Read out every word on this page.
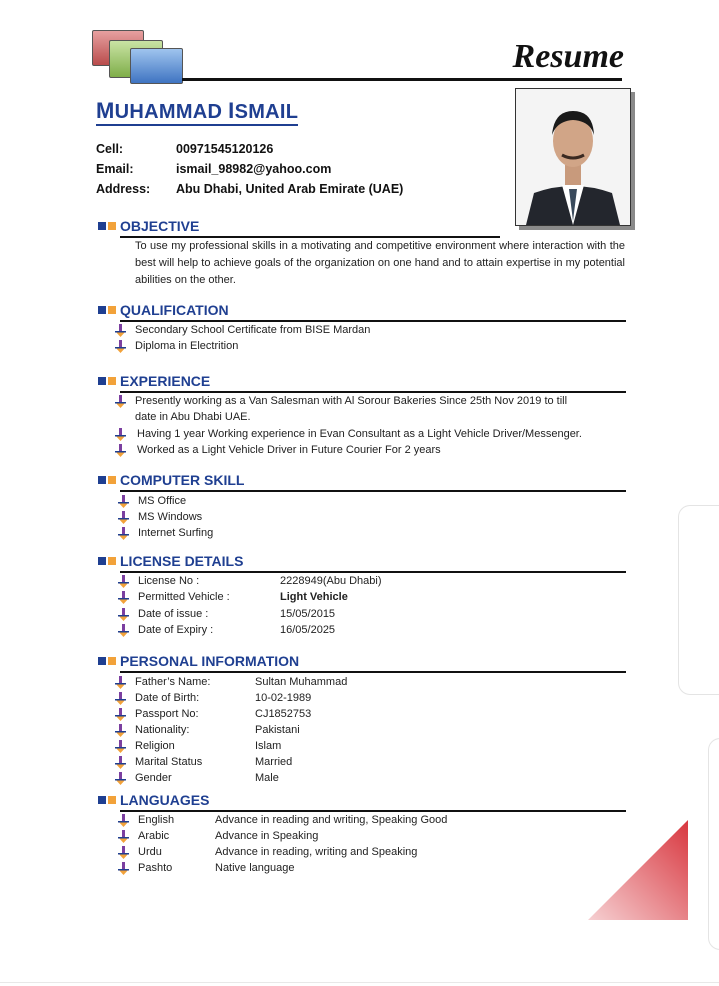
Resume
MUHAMMAD ISMAIL
Cell:	00971545120126
Email:	ismail_98982@yahoo.com
Address: Abu Dhabi, United Arab Emirate (UAE)
OBJECTIVE
To use my professional skills in a motivating and competitive environment where interaction with the best will help to achieve goals of the organization on one hand and to attain expertise in my potential abilities on the other.
QUALIFICATION
Secondary School Certificate from BISE Mardan
Diploma in Electrition
EXPERIENCE
Presently working as a Van Salesman with Al Sorour Bakeries Since 25th Nov 2019 to till
date in Abu Dhabi UAE.
Having 1 year Working experience in Evan Consultant as a Light Vehicle Driver/Messenger.
Worked as a Light Vehicle Driver in Future Courier For 2 years
COMPUTER SKILL
MS Office
MS Windows
Internet Surfing
LICENSE DETAILS
License No :	2228949(Abu Dhabi)
Permitted Vehicle :	Light Vehicle
Date of issue :	15/05/2015
Date of Expiry :	16/05/2025
PERSONAL INFORMATION
Father’s Name:	Sultan Muhammad
Date of Birth:	10-02-1989
Passport No:	CJ1852753
Nationality:	Pakistani
Religion	Islam
Marital Status	Married
Gender	Male
LANGUAGES
English	Advance in reading and writing, Speaking Good
Arabic	Advance in Speaking
Urdu	Advance in reading, writing and Speaking
Pashto	Native language
